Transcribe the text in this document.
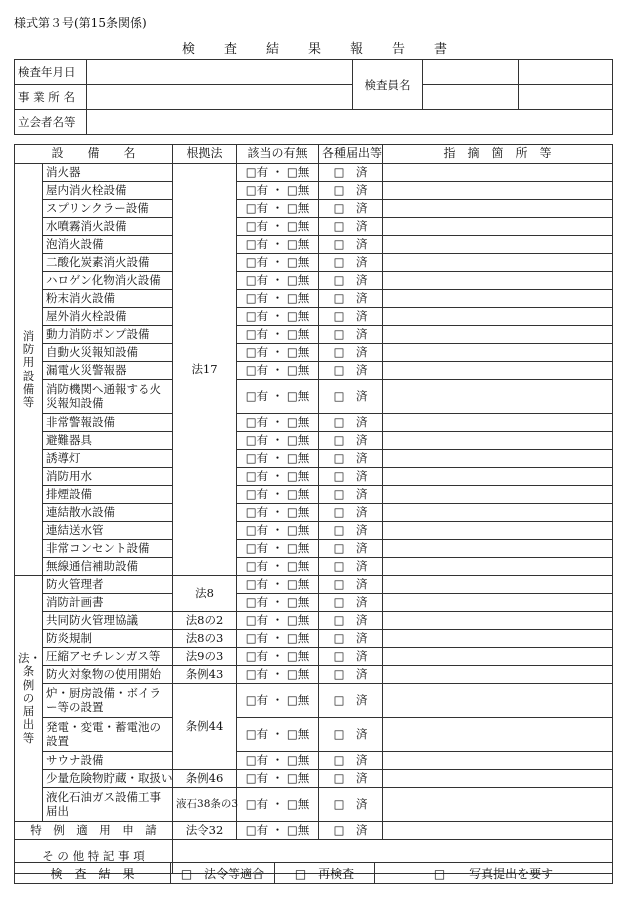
様式第３号(第15条関係)
検　　査　　結　　果　　報　　告　　書
検査年月日		検査員名		
事 業 所 名				
立会者名等				
設　　備　　名		根拠法	該当の有無	各種届出等	指　摘　箇　所　等
消　防　用　設　備　等	消火器	法17	□有 ・ □無	□　済	
	屋内消火栓設備		□有 ・ □無	□　済	
	スプリンクラー設備		□有 ・ □無	□　済	
	水噴霧消火設備		□有 ・ □無	□　済	
	泡消火設備		□有 ・ □無	□　済	
	二酸化炭素消火設備		□有 ・ □無	□　済	
	ハロゲン化物消火設備		□有 ・ □無	□　済	
	粉末消火設備		□有 ・ □無	□　済	
	屋外消火栓設備		□有 ・ □無	□　済	
	動力消防ポンプ設備		□有 ・ □無	□　済	
	自動火災報知設備		□有 ・ □無	□　済	
	漏電火災警報器		□有 ・ □無	□　済	
	消防機関へ通報する火災報知設備		□有 ・ □無	□　済	
	非常警報設備		□有 ・ □無	□　済	
	避難器具		□有 ・ □無	□　済	
	誘導灯		□有 ・ □無	□　済	
	消防用水		□有 ・ □無	□　済	
	排煙設備		□有 ・ □無	□　済	
	連結散水設備		□有 ・ □無	□　済	
	連結送水管		□有 ・ □無	□　済	
	非常コンセント設備		□有 ・ □無	□　済	
	無線通信補助設備		□有 ・ □無	□　済	
法・条例の届出等	防火管理者	法8	□有 ・ □無	□　済	
	消防計画書		□有 ・ □無	□　済	
	共同防火管理協議	法8の2	□有 ・ □無	□　済	
	防炎規制	法8の3	□有 ・ □無	□　済	
	圧縮アセチレンガス等	法9の3	□有 ・ □無	□　済	
	防火対象物の使用開始	条例43	□有 ・ □無	□　済	
	炉・厨房設備・ボイラー等の設置	条例44	□有 ・ □無	□　済	
	発電・変電・蓄電池の設置		□有 ・ □無	□　済	
	サウナ設備		□有 ・ □無	□　済	
	少量危険物貯蔵・取扱い	条例46	□有 ・ □無	□　済	
	液化石油ガス設備工事届出	液石38条の3	□有 ・ □無	□　済	
特　例　適　用　申　請		法令32	□有 ・ □無	□　済	
そ の 他 特 記 事 項					
検　査　結　果	□　法令等適合	□　再検査	□　　写真提出を要す
